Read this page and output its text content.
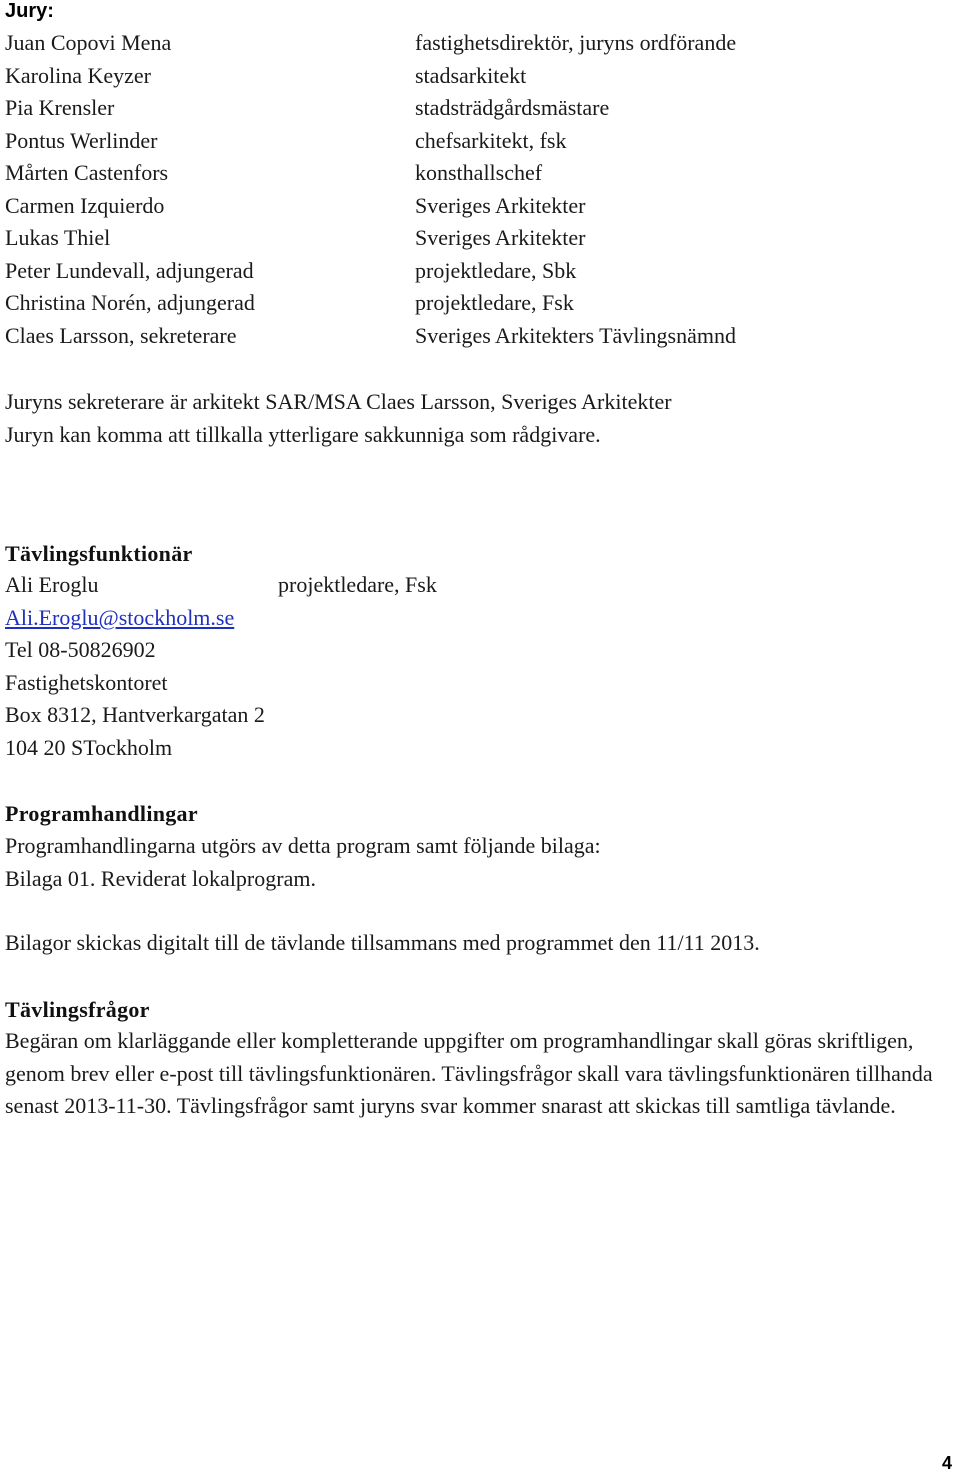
Jury:
Juan Copovi Mena
Karolina Keyzer
Pia Krensler
Pontus Werlinder
Mårten Castenfors
Carmen Izquierdo
Lukas Thiel
Peter Lundevall, adjungerad
Christina Norén, adjungerad
Claes Larsson, sekreterare
fastighetsdirektör, juryns ordförande
stadsarkitekt
stadsträdgårdsmästare
chefsarkitekt, fsk
konsthallschef
Sveriges Arkitekter
Sveriges Arkitekter
projektledare, Sbk
projektledare, Fsk
Sveriges Arkitekters Tävlingsnämnd
Juryns sekreterare är arkitekt SAR/MSA Claes Larsson, Sveriges Arkitekter
Juryn kan komma att tillkalla ytterligare sakkunniga som rådgivare.
Tävlingsfunktionär
Ali Eroglu	projektledare, Fsk
Ali.Eroglu@stockholm.se
Tel 08-50826902
Fastighetskontoret
Box 8312, Hantverkargatan 2
104 20 STockholm
Programhandlingar
Programhandlingarna utgörs av detta program samt följande bilaga:
Bilaga 01. Reviderat lokalprogram.
Bilagor skickas digitalt till de tävlande tillsammans med programmet den 11/11 2013.
Tävlingsfrågor
Begäran om klarläggande eller kompletterande uppgifter om programhandlingar skall göras skriftligen, genom brev eller e-post till tävlingsfunktionären. Tävlingsfrågor skall vara tävlingsfunktionären tillhanda senast 2013-11-30. Tävlingsfrågor samt juryns svar kommer snarast att skickas till samtliga tävlande.
4
